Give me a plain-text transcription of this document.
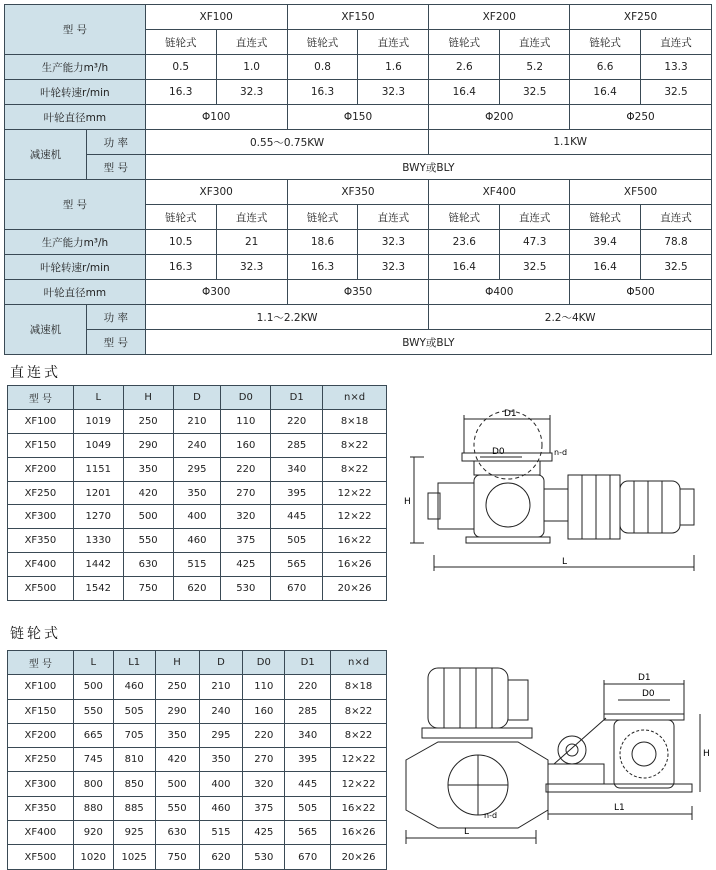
型 号		XF100		XF150		XF200		XF250	
		链轮式	直连式	链轮式	直连式	链轮式	直连式	链轮式	直连式
生产能力m³/h		0.5	1.0	0.8	1.6	2.6	5.2	6.6	13.3
叶轮转速r/min		16.3	32.3	16.3	32.3	16.4	32.5	16.4	32.5
叶轮直径mm		Φ100		Φ150		Φ200		Φ250	
减速机	功 率	0.55～0.75KW				1.1KW			
	型 号	BWY或BLY							
型 号		XF300		XF350		XF400		XF500	
		链轮式	直连式	链轮式	直连式	链轮式	直连式	链轮式	直连式
生产能力m³/h		10.5	21	18.6	32.3	23.6	47.3	39.4	78.8
叶轮转速r/min		16.3	32.3	16.3	32.3	16.4	32.5	16.4	32.5
叶轮直径mm		Φ300		Φ350		Φ400		Φ500	
减速机	功 率	1.1～2.2KW				2.2～4KW			
	型 号	BWY或BLY							
直连式
型 号	L	H	D	D0	D1	n×d
XF100	1019	250	210	110	220	8×18
XF150	1049	290	240	160	285	8×22
XF200	1151	350	295	220	340	8×22
XF250	1201	420	350	270	395	12×22
XF300	1270	500	400	320	445	12×22
XF350	1330	550	460	375	505	16×22
XF400	1442	630	515	425	565	16×26
XF500	1542	750	620	530	670	20×26
D1
D0	n-d
H
L
链轮式
型 号	L	L1	H	D	D0	D1	n×d
XF100	500	460	250	210	110	220	8×18
XF150	550	505	290	240	160	285	8×22
XF200	665	705	350	295	220	340	8×22
XF250	745	810	420	350	270	395	12×22
XF300	800	850	500	400	320	445	12×22
XF350	880	885	550	460	375	505	16×22
XF400	920	925	630	515	425	565	16×26
XF500	1020	1025	750	620	530	670	20×26
n-d
L
D1
D0
H
L1
